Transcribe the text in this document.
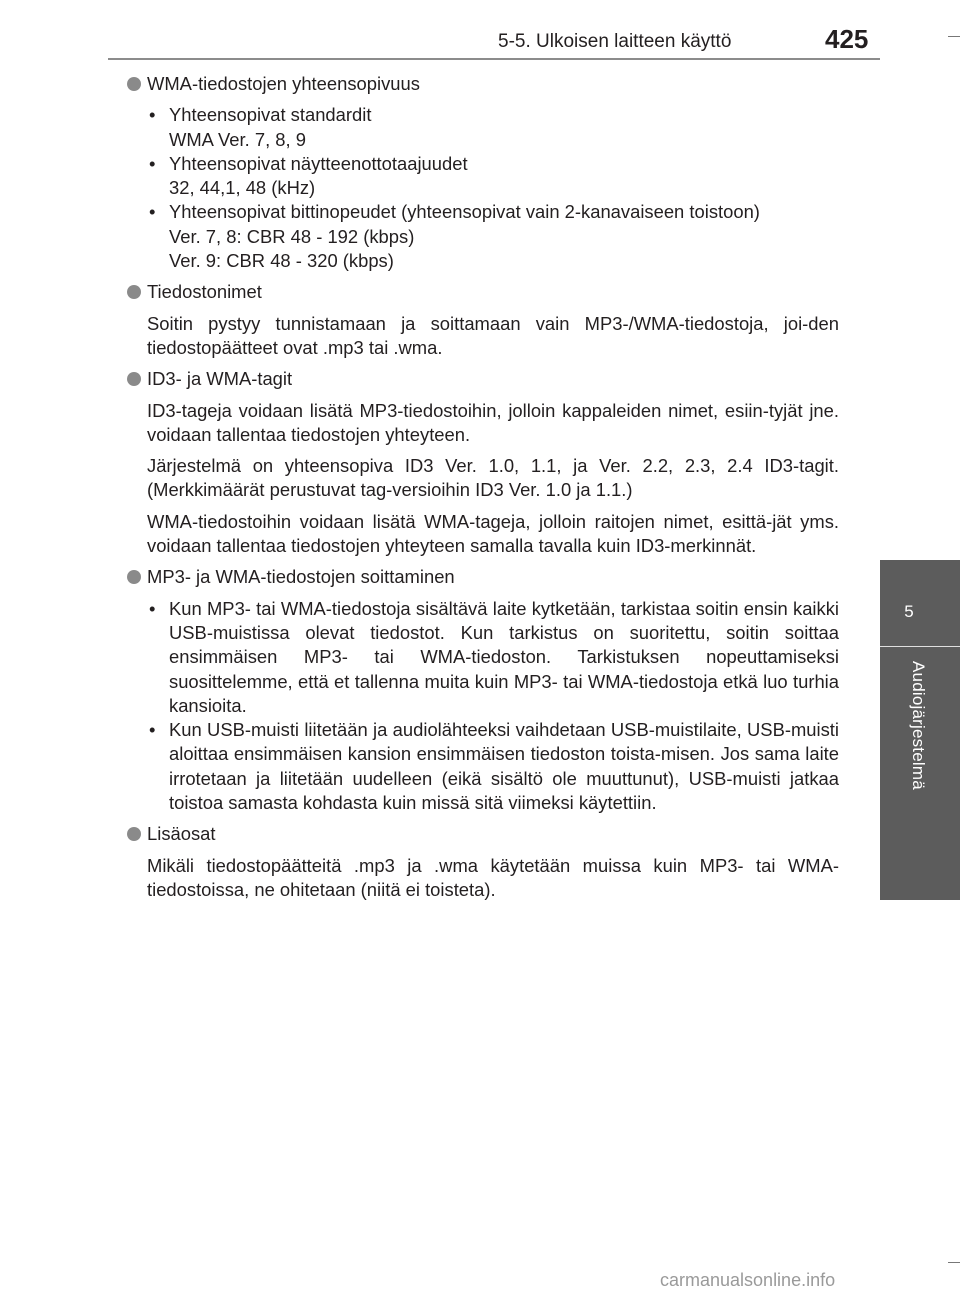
5-5. Ulkoisen laitteen käyttö	425
5
Audiojärjestelmä
WMA-tiedostojen yhteensopivuus
• Yhteensopivat standardit
WMA Ver. 7, 8, 9
• Yhteensopivat näytteenottotaajuudet
32, 44,1, 48 (kHz)
• Yhteensopivat bittinopeudet (yhteensopivat vain 2-kanavaiseen toistoon)
Ver. 7, 8: CBR 48 - 192 (kbps)
Ver. 9: CBR 48 - 320 (kbps)
Tiedostonimet

Soitin pystyy tunnistamaan ja soittamaan vain MP3-/WMA-tiedostoja, joi-den tiedostopäätteet ovat .mp3 tai .wma.

ID3- ja WMA-tagit

ID3-tageja voidaan lisätä MP3-tiedostoihin, jolloin kappaleiden nimet, esiin-tyjät jne. voidaan tallentaa tiedostojen yhteyteen.

Järjestelmä on yhteensopiva ID3 Ver. 1.0, 1.1, ja Ver. 2.2, 2.3, 2.4 ID3-tagit. (Merkkimäärät perustuvat tag-versioihin ID3 Ver. 1.0 ja 1.1.)

WMA-tiedostoihin voidaan lisätä WMA-tageja, jolloin raitojen nimet, esittä-jät yms. voidaan tallentaa tiedostojen yhteyteen samalla tavalla kuin ID3-merkinnät.

MP3- ja WMA-tiedostojen soittaminen
• Kun MP3- tai WMA-tiedostoja sisältävä laite kytketään, tarkistaa soitin ensin kaikki USB-muistissa olevat tiedostot. Kun tarkistus on suoritettu, soitin soittaa ensimmäisen MP3- tai WMA-tiedoston. Tarkistuksen nopeuttamiseksi suosittelemme, että et tallenna muita kuin MP3- tai WMA-tiedostoja etkä luo turhia kansioita.
• Kun USB-muisti liitetään ja audiolähteeksi vaihdetaan USB-muistilaite, USB-muisti aloittaa ensimmäisen kansion ensimmäisen tiedoston toista-misen. Jos sama laite irrotetaan ja liitetään uudelleen (eikä sisältö ole muuttunut), USB-muisti jatkaa toistoa samasta kohdasta kuin missä sitä viimeksi käytettiin.
Lisäosat

Mikäli tiedostopäätteitä .mp3 ja .wma käytetään muissa kuin MP3- tai WMA-tiedostoissa, ne ohitetaan (niitä ei toisteta).

carmanualsonline.info
